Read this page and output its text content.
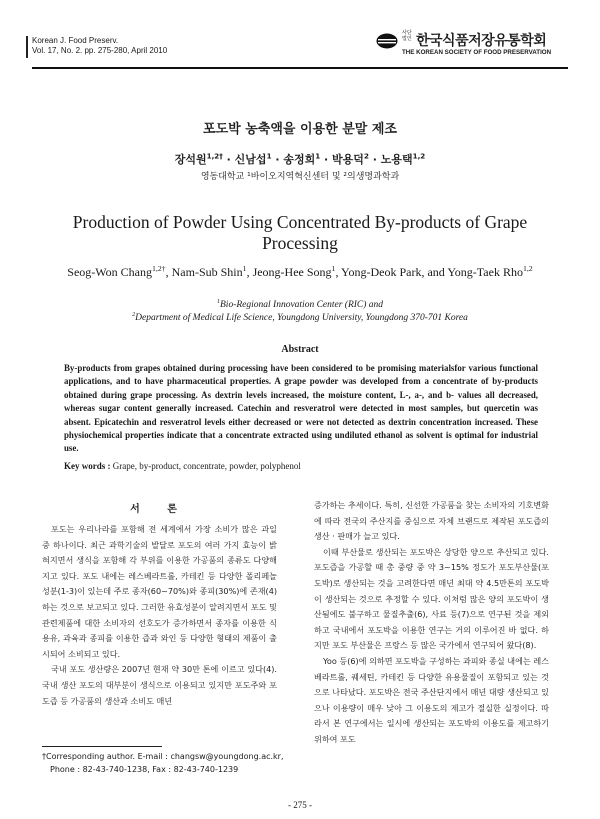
Korean J. Food Preserv.
Vol. 17, No. 2. pp. 275-280, April 2010
사단법인 한국식품저장유통학회
THE KOREAN SOCIETY OF FOOD PRESERVATION
포도박 농축액을 이용한 분말 제조
장석원$^{1,2\dagger}$ · 신남섭$^1$ · 송정희$^1$ · 박용덕$^2$ · 노용택$^{1,2}$
영동대학교 ¹바이오지역혁신센터 및 ²의생명과학과
Production of Powder Using Concentrated By-products of Grape Processing
Seog-Won Chang$^{1,2\dagger}$, Nam-Sub Shin$^1$, Jeong-Hee Song$^1$, Yong-Deok Park, and Yong-Taek Rho$^{1,2}$
$^1$Bio-Regional Innovation Center (RIC) and
$^2$Department of Medical Life Science, Youngdong University, Youngdong 370-701 Korea
Abstract
By-products from grapes obtained during processing have been considered to be promising materialsfor various functional applications, and to have pharmaceutical properties. A grape powder was developed from a concentrate of by-products obtained during grape processing. As dextrin levels increased, the moisture content, L-, a-, and b- values all decreased, whereas sugar content generally increased. Catechin and resveratrol were detected in most samples, but quercetin was absent. Epicatechin and resveratrol levels either decreased or were not detected as dextrin concentration increased. These physiochemical properties indicate that a concentrate extracted using undiluted ethanol as solvent is optimal for industrial use.
Key words : Grape, by-product, concentrate, powder, polyphenol
서 론

포도는 우리나라를 포함해 전 세계에서 가장 소비가 많은 과일 중 하나이다. 최근 과학기술의 발달로 포도의 여러 가지 효능이 밝혀지면서 생식을 포함해 각 부위를 이용한 가공품의 종류도 다양해지고 있다. 포도 내에는 레스베라트롤, 카테킨 등 다양한 폴리페놀 성분(1-3)이 있는데 주로 종자(60~70%)와 종피(30%)에 존재(4)하는 것으로 보고되고 있다. 그러한 유효성분이 알려지면서 포도 및 관련제품에 대한 소비자의 선호도가 증가하면서 종자를 이용한 식용유, 과육과 종피를 이용한 즙과 와인 등 다양한 형태의 제품이 출시되어 소비되고 있다.

국내 포도 생산량은 2007년 현재 약 30만 톤에 이르고 있다(4). 국내 생산 포도의 대부분이 생식으로 이용되고 있지만 포도주와 포도즙 등 가공품의 생산과 소비도 매년

증가하는 추세이다. 특히, 신선한 가공품을 찾는 소비자의 기호변화에 따라 전국의 주산지를 중심으로 자체 브랜드로 제작된 포도즙의 생산 · 판매가 늘고 있다.

이때 부산물로 생산되는 포도박은 상당한 양으로 추산되고 있다. 포도즙을 가공할 때 총 중량 중 약 3~15% 정도가 포도부산물(포도박)로 생산되는 것을 고려한다면 매년 최대 약 4.5만톤의 포도박이 생산되는 것으로 추정할 수 있다. 이처럼 많은 양의 포도박이 생산됨에도 불구하고 물질추출(6), 사료 등(7)으로 연구된 것을 제외하고 국내에서 포도박을 이용한 연구는 거의 이루어진 바 없다. 하지만 포도 부산물은 프랑스 등 많은 국가에서 연구되어 왔다(8).

Yoo 등(6)에 의하면 포도박을 구성하는 과피와 종실 내에는 레스베라트롤, 퀘세틴, 카테킨 등 다양한 유용물질이 포함되고 있는 것으로 나타났다. 포도박은 전국 주산단지에서 매년 대량 생산되고 있으나 이용량이 매우 낮아 그 이용도의 제고가 절실한 실정이다. 따라서 본 연구에서는 일시에 생산되는 포도박의 이용도를 제고하기 위하여 포도

†Corresponding author. E-mail : changsw@youngdong.ac.kr,
Phone : 82-43-740-1238, Fax : 82-43-740-1239
- 275 -
